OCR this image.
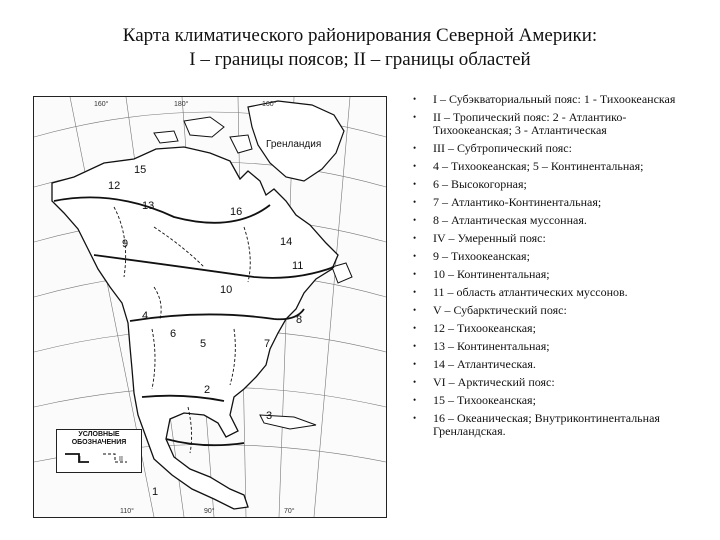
Карта климатического районирования Северной Америки:
I – границы поясов; II – границы областей
160°	180°	160°
110°	90°	70°
Гренландия
1
2
3
4
5
6
7
8
9
10
11
12
13
14
15
16
УСЛОВНЫЕ ОБОЗНАЧЕНИЯ
I	II
• I – Субэкваториальный пояс: 1 - Тихоокеанская
• II – Тропический пояс: 2 - Атлантико-Тихоокеанская; 3 - Атлантическая
• III – Субтропический пояс:
• 4 – Тихоокеанская; 5 – Континентальная;
• 6 – Высокогорная;
• 7 – Атлантико-Континентальная;
• 8 – Атлантическая муссонная.
• IV – Умеренный пояс:
• 9 – Тихоокеанская;
• 10 – Континентальная;
• 11 – область атлантических муссонов.
• V – Субарктический пояс:
• 12 – Тихоокеанская;
• 13 – Континентальная;
• 14 – Атлантическая.
• VI – Арктический пояс:
• 15 – Тихоокеанская;
• 16 – Океаническая; Внутриконтинентальная Гренландская.
